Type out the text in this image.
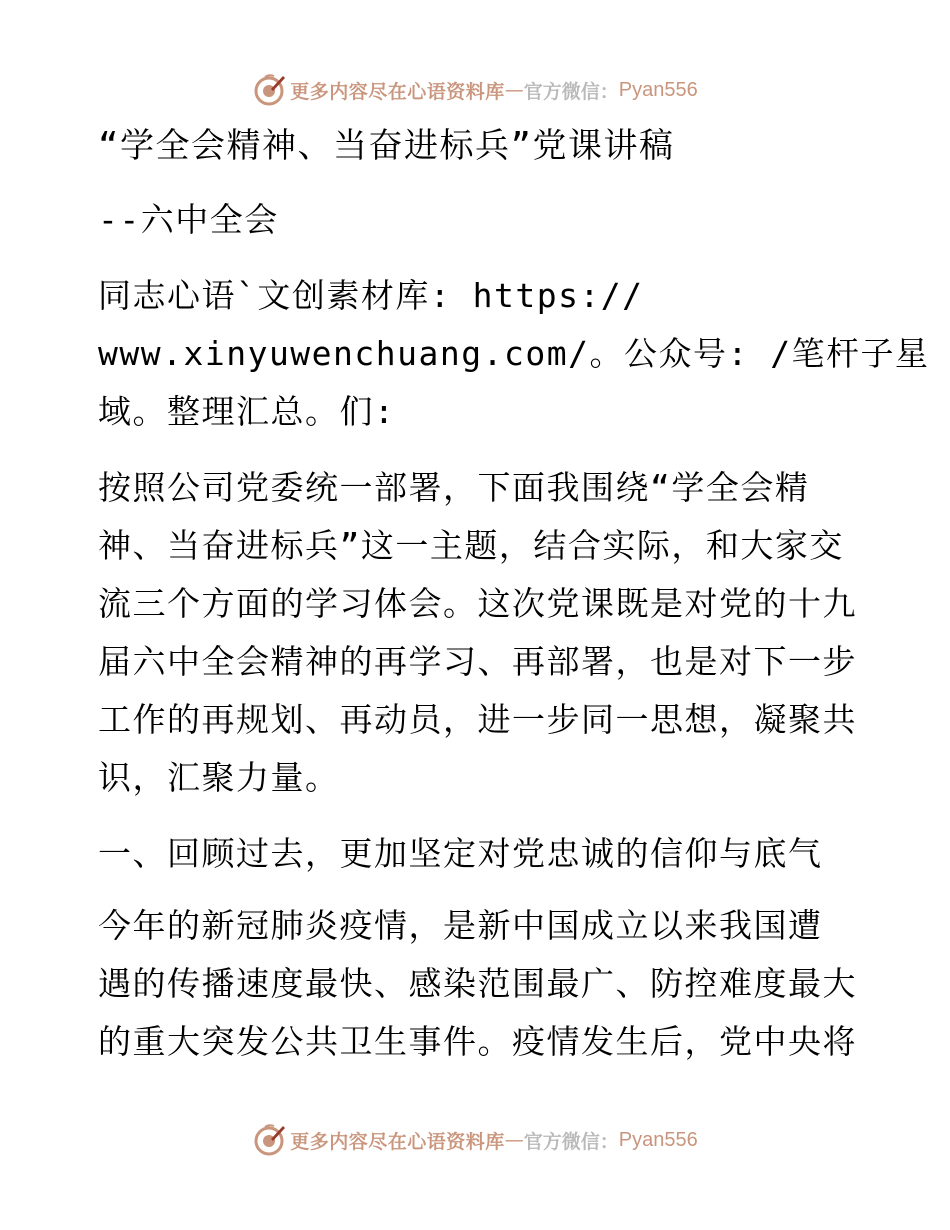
更多内容尽在心语资料库 — 官方微信： Pyan556
“学全会精神、当奋进标兵”党课讲稿
--六中全会
同志心语`文创素材库: https://
www.xinyuwenchuang.com/。公众号: /笔杆子星
域。整理汇总。们:
按照公司党委统一部署，下面我围绕“学全会精
神、当奋进标兵”这一主题，结合实际，和大家交
流三个方面的学习体会。这次党课既是对党的十九
届六中全会精神的再学习、再部署，也是对下一步
工作的再规划、再动员，进一步同一思想，凝聚共
识，汇聚力量。
一、回顾过去，更加坚定对党忠诚的信仰与底气
今年的新冠肺炎疫情，是新中国成立以来我国遭
遇的传播速度最快、感染范围最广、防控难度最大
的重大突发公共卫生事件。疫情发生后，党中央将
更多内容尽在心语资料库 — 官方微信： Pyan556
